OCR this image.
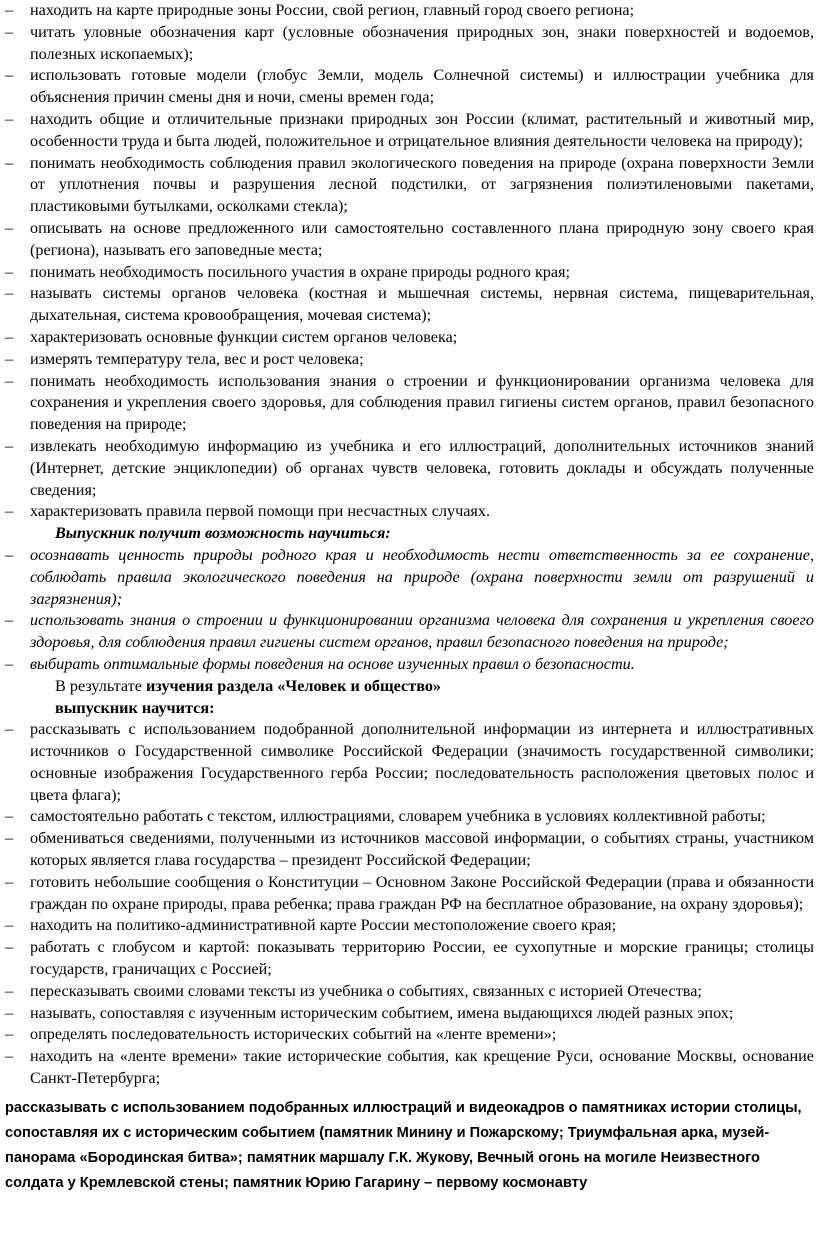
– находить на карте природные зоны России, свой регион, главный город своего региона;
– читать уловные обозначения карт (условные обозначения природных зон, знаки поверхностей и водоемов, полезных ископаемых);
– использовать готовые модели (глобус Земли, модель Солнечной системы) и иллюстрации учебника для объяснения причин смены дня и ночи, смены времен года;
– находить общие и отличительные признаки природных зон России (климат, растительный и животный мир, особенности труда и быта людей, положительное и отрицательное влияния деятельности человека на природу);
– понимать необходимость соблюдения правил экологического поведения на природе (охрана поверхности Земли от уплотнения почвы и разрушения лесной подстилки, от загрязнения полиэтиленовыми пакетами, пластиковыми бутылками, осколками стекла);
– описывать на основе предложенного или самостоятельно составленного плана природную зону своего края (региона), называть его заповедные места;
– понимать необходимость посильного участия в охране природы родного края;
– называть системы органов человека (костная и мышечная системы, нервная система, пищеварительная, дыхательная, система кровообращения, мочевая система);
– характеризовать основные функции систем органов человека;
– измерять температуру тела, вес и рост человека;
– понимать необходимость использования знания о строении и функционировании организма человека для сохранения и укрепления своего здоровья, для соблюдения правил гигиены систем органов, правил безопасного поведения на природе;
– извлекать необходимую информацию из учебника и его иллюстраций, дополнительных источников знаний (Интернет, детские энциклопедии) об органах чувств человека, готовить доклады и обсуждать полученные сведения;
– характеризовать правила первой помощи при несчастных случаях.
Выпускник получит возможность научиться:
– осознавать ценность природы родного края и необходимость нести ответственность за ее сохранение, соблюдать правила экологического поведения на природе (охрана поверхности земли от разрушений и загрязнения);
– использовать знания о строении и функционировании организма человека для сохранения и укрепления своего здоровья, для соблюдения правил гигиены систем органов, правил безопасного поведения на природе;
– выбирать оптимальные формы поведения на основе изученных правил о безопасности.
В результате изучения раздела «Человек и общество»
выпускник научится:
– рассказывать с использованием подобранной дополнительной информации из интернета и иллюстративных источников о Государственной символике Российской Федерации (значимость государственной символики; основные изображения Государственного герба России; последовательность расположения цветовых полос и цвета флага);
– самостоятельно работать с текстом, иллюстрациями, словарем учебника в условиях коллективной работы;
– обмениваться сведениями, полученными из источников массовой информации, о событиях страны, участником которых является глава государства – президент Российской Федерации;
– готовить небольшие сообщения о Конституции – Основном Законе Российской Федерации (права и обязанности граждан по охране природы, права ребенка; права граждан РФ на бесплатное образование, на охрану здоровья);
– находить на политико-административной карте России местоположение своего края;
– работать с глобусом и картой: показывать территорию России, ее сухопутные и морские границы; столицы государств, граничащих с Россией;
– пересказывать своими словами тексты из учебника о событиях, связанных с историей Отечества;
– называть, сопоставляя с изученным историческим событием, имена выдающихся людей разных эпох;
– определять последовательность исторических событий на «ленте времени»;
– находить на «ленте времени» такие исторические события, как крещение Руси, основание Москвы, основание Санкт-Петербурга;
рассказывать с использованием подобранных иллюстраций и видеокадров о памятниках истории столицы, сопоставляя их с историческим событием (памятник Минину и Пожарскому; Триумфальная арка, музей-панорама «Бородинская битва»; памятник маршалу Г.К. Жукову, Вечный огонь на могиле Неизвестного солдата у Кремлевской стены; памятник Юрию Гагарину – первому космонавту
